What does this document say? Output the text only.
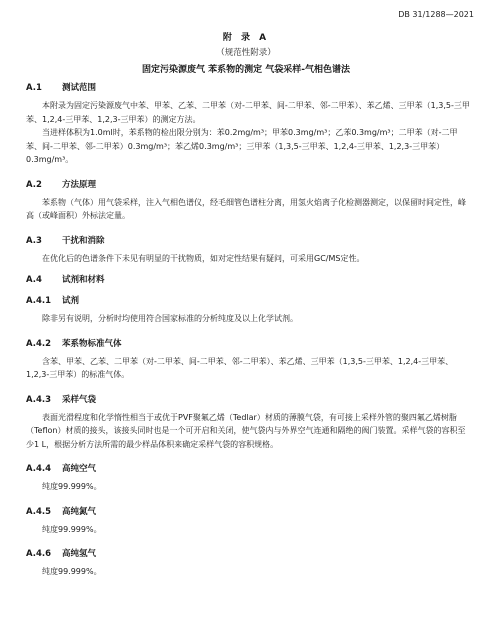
DB 31/1288—2021
附 录 A
（规范性附录）
固定污染源废气 苯系物的测定 气袋采样-气相色谱法

A.1 测试范围

本附录为固定污染源废气中苯、甲苯、乙苯、二甲苯（对-二甲苯、间-二甲苯、邻-二甲苯）、苯乙烯、三甲苯（1,3,5-三甲苯、1,2,4-三甲苯、1,2,3-三甲苯）的测定方法。

当进样体积为1.0ml时，苯系物的检出限分别为：苯0.2mg/m³；甲苯0.3mg/m³；乙苯0.3mg/m³；二甲苯（对-二甲苯、间-二甲苯、邻-二甲苯）0.3mg/m³；苯乙烯0.3mg/m³；三甲苯（1,3,5-三甲苯、1,2,4-三甲苯、1,2,3-三甲苯）0.3mg/m³。

A.2 方法原理

苯系物（气体）用气袋采样，注入气相色谱仪，经毛细管色谱柱分离，用氢火焰离子化检测器测定，以保留时间定性，峰高（或峰面积）外标法定量。

A.3 干扰和消除

在优化后的色谱条件下未见有明显的干扰物质，如对定性结果有疑问，可采用GC/MS定性。

A.4 试剂和材料

A.4.1 试剂

除非另有说明，分析时均使用符合国家标准的分析纯度及以上化学试剂。

A.4.2 苯系物标准气体

含苯、甲苯、乙苯、二甲苯（对-二甲苯、间-二甲苯、邻-二甲苯）、苯乙烯、三甲苯（1,3,5-三甲苯、1,2,4-三甲苯、1,2,3-三甲苯）的标准气体。

A.4.3 采样气袋

表面光滑程度和化学惰性相当于或优于PVF聚氟乙烯（Tedlar）材质的薄膜气袋，有可接上采样外管的聚四氟乙烯树脂（Teflon）材质的接头，该接头同时也是一个可开启和关闭，使气袋内与外界空气连通和隔绝的阀门装置。采样气袋的容积至少1 L，根据分析方法所需的最少样品体积来确定采样气袋的容积规格。

A.4.4 高纯空气

纯度99.999%。

A.4.5 高纯氮气

纯度99.999%。

A.4.6 高纯氢气

纯度99.999%。
